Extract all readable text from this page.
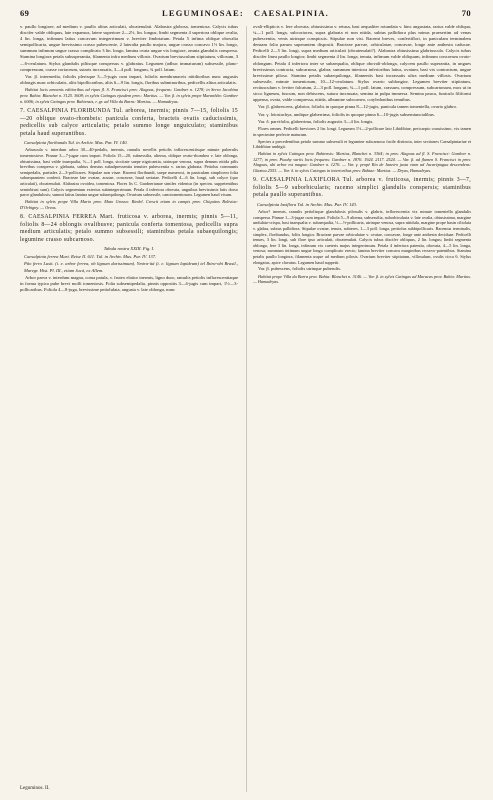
69	LEGUMINOSAE: CAESALPINIA.	70

v. paullo longiore, ad medium v. paullo altius articulati, obcatenulati. Alabastra globosa, tomentosa. Calycis tubus discifer valde obliquus, late expansus, latere superiore 2—2½, lin. longus; limbi segmenta 4 superiora oblique ovalia, 4 lin. longa, infimum latius concavum integerrimum v. breviter fimbriatum. Petala 5 infima oblique obovalia semipollicaria, ungue brevissimo crasso pubescente, 2 lateralia paullo majora, ungue crasso concavo 1½ lin. longo, summum infimum ungue crasso complicato 3 lin. longo, lamina ovata ungue vix longiore, omnia glandulis conspersa. Stamina longiora petala subsuperantia, filamenta infra medium villosis. Ovarium breviusculum stipitatum, villosum, 3—6-ovulatum. Stylus glandulis piliisque conspersus v. glabratus. Legumen (adhuc immaturum) subsessile, plano-compressum, crasse coriaceum, sutaris incrassatis, 3—4 poll. longum, ¾ poll. latum.

Var. β. intermedia, foliolis plerisque 3—5-jugis cum impari, foliolis membranaceis nitidioribus nunc angustis oblongis nunc orbiculatis, aliis bipollicaribus, aliis 6—9 lin. longis, floribus subminoribus, pedicellis altius articulatis.

Habitat locis amoenis editioribus ad ripas fl. S. Francisci prov. Alagoas, frequens: Gardner n. 1278; in Serra Jacobina prov. Bahia: Blanchet n. 3125. 3608; in sylvis Catingas ejusdem prov.: Martius. — Var. β. in sylvis prope Maranhão: Gardner n. 6006; in sylvis Catingas prov. Bahiensis, r. gr. ad Villa da Barra: Martius. — Hamadryas.

7. CAESALPINIA FLORIBUNDA Tul. arborea, inermis; pinnis 7—15, foliolis 15—20 oblique ovato-rhombeis: panicula conferta, bracteis ovatis caducissimis, pedicellis sub calyce articulatis; petalo summo longe unguiculato; staminibus petala haud superantibus.

Caesalpinia floribunda Tul. in Archiv. Mus. Par. IV. 140.

Arbuscula v. interdum arbor 30—40-pedalis, inermis, ramulis novellis petiolis inflorescentiisque minute puberulis tomentosiove. Pinnae 3—7-jugae cum impari. Foliola 15—20, subsessilia, alterna, oblique ovato-rhombea v. late oblonga, obtusissima, basi valde inaequalia, ⅓—1 poll. longa, siccitate saepe nigricantia, utrinque venosa, supra demum nitida pilis brevibus conspersa v. glabrata, subtus densius subadpressentia tenuiter pubescentia v. rarius glabrata. Petiolus communis semipedalis, partiales 2—3-pollicares. Stipulae non visae. Racemi floribundi, saepe numerosi, in paniculam simplicem folia subaequantem conferti. Bracteae late ovatae, acutae, concavae, haud seriatae. Pedicelli 4—6 lin. longi, sub calyce (quo articulati), obcatenulati. Alabastra ovoidea, tomentosa. Flores lis C. Gardnerianae similes videntur (in specim. suppetentibus semiobtusi sunt). Calycis segmentum exterius subintegerrimum. Petala 4 inferiora obovata, unguibus brevissimis latis dorso parce glandulosis; summi latius lamina ungue subaequilonga. Ovarium subsessile, canotomentosum. Legumen haud visum.

Habitat in sylvis prope Villa Mario prov. Mato Grosso: Riedel. Crescit etiam in campis prov. Chiquitos Boliviae: D'Orbigny. — Oreas.

8. CAESALPINIA FERREA Mart. fruticosa v. arborea, inermis; pinnis 5—11, foliolis 8—24 oblongis ovalibusve; panicula conferta tomentosa, pedicellis supra medium articulatis; petalo summo subsessili; staminibus petala subaequilongis; legumine crasso subcarnoso.
Tabula nostra XXIII. Fig. I.

Caesalpinia ferrea Mart. Reise II. 611. Tul. in Archiv. Mus. Par. IV. 137.

Pâo ferro Lusit. (i. e. arbor ferrea, ob lignum durissimum). Ymira-itá (i. e. lignum lapideum) tel Ibira-obi Brasil., Maregr. Hist. Pl. III., etiam Jucá, ex Allem.

Arbor parva v. interdum magna, coma patula, v. frutex elatior inermis, ligno duro, ramulis petiolis inflorescentiaque in forma typica pube brevi molli tomentosis. Folia subsemipedalia, pinnis oppositis 3—4-jugis cum impari, 1½—3-pollicaribus. Foliola 4—8-juga, brevissime petiolulata, angusta v. late oblonga, nunc

ovali-ellipticis v. fere obovata, obtusissima v. retusa, basi aequaliter rotundata v. hinc angustata, rarius valde obliqua, ¼—1 poll. longa, subcoriacea, supra glabrata et non nitida, subtus pallidiora plus minus praesertim ad venas pubescentia, venis utrinque conspicuis. Stipulae non visi. Racemi breves, confertiflori, in paniculam terminalem densam folia parum superantem dispositi. Bracteae parvae, orbiculatae, concavae, longe ante anthesin caducae. Pedicelli 2—5 lin. longi, supra medium articulati (obcatenulati?). Alabastra obtusissima glabriuscula. Calycis tubus discifer linea paullo longior; limbi segmenta 4 lin. longa, tenuia, infimum valde obliquum, infimum concavum ovato-oblongum. Petala 4 inferiora inter se subaequalia, oblique obovali-oblonga, calycem paullo superantia, in ungues brevissimos contracta, subcarnosa, glabra; summum interiora inferioribus latius, ovatum, basi vix contractum, ungue brevissime piloso. Stamina petalis subaequilonga, filamentis basi incrassatis ultra medium villosis. Ovarium subsessile, minute tomentosum, 10—12-ovulatum. Stylus ovario sublongior. Legumen breviter stipitatum, rectiusculum v. leviter falcatum, 2—3 poll. longum, ¾—1 poll. latum, crassum, compressum, subcarnosum, mox ut in sicco ligneum, fuscum, non dehiscens, sutura incrassata, semina in pulpa immersa. Semina pauca, funiculo filiformi appensa, ovata, valde compressa, nitida, albumine subcorneo, cotyledonibus tenuibus.

Var. β. glabrescens, glabrior, foliolis in quoque pinna 8—12-jugis, panicula tamen tomentella, ovario glabro.

Var. γ. leiostachya, undique glaberrima, foliolis in quoque pinna 6—10-jugis subsemiuncialibus.

Var. δ. parvifolia, glaberrima, foliolis augustis 3—4 lin. longis.

Flores omnes. Pedicelli breviores 2 lin. longi. Legumen 1½—2-pollicare lato Libidibiae, pericarpio crassissimo, vix tamen in specimine perfecte maturum.

Species a precedentibus petalo summo subsessili et legumine subcarnoso facile distincta, inter sectiones Caesalpiniariae et Libidibiae ambigit.

Habitat in sylvis Catingas prov. Bahiensis: Martius, Blanchet n. 3364; in prov. Alagoas ad fl. S. Francisci: Gardner n. 1277; in prov. Piauhy variis locis frequens: Gardner n. 1876. 1924. 2117. 2524. — Var. β. ad flumen S. Francisci in prov. Alagoas, ubi arbor est magna: Gardner n. 1276. — Var. γ. propè Rio de Janeiro juxta viam ad Jacarèpagua descendens: Glaziou 2553. — Var. δ. in sylvis Catingas in interioribus prov. Bahiae: Martius. — Dryas, Hamadryas.

9. CAESALPINIA LAXIFLORA Tul. arborea v. fruticosa, inermis; pinnis 3—7, foliolis 5—9 suborbicularis; racemo simplici glandulis conspersis; staminibus petala paullo superantibus.

Caesalpinia laxiflora Tul. in Archiv. Mus. Par. IV. 143.

Arbor? inermis, ramulis petiolisque glandulosis pilosulis v. glabris, inflorescentia vix minute tomentella glandulis conspersa. Pinnae 1—3-jugae cum impari. Foliola 5—9 alterna, subsessilia, suborbicularia v. late ovalia, obtusissima, margine undulato-crispa, basi inaequalia v. subaequalia, ⅓—½-pollicaria, utrinque venosa, supra nitidula, margine prope basin ciliolata v. glabra, subtus pallidiora. Stipulae ovatae, tenuis, subteres, 1—3 poll. longa, pertiolus subbipollicaris. Racemus terminalis, simplex, floribundus, foliis longior. Bracteae parvae orbiculatae v. ovatae, concavae, longe ante anthesin deciduae. Pedicelli tenues, 3 lin. longi, sub flore ipso articulati, obcatenulati. Calycis tubus discifer obliquus, 2 lin. longus; limbi segmenta oblonga, fere 3 lin. longa, infimum vix caeteris majus integerrimum. Petala 4 inferiora patentia, obovata, 4—5 lin. longa, venosa; summum intimum ungue longo complicato erecto, lamina breviter concava marginibus recurvo-patentibus. Stamina petalis paullo longiora, filamenta usque ad medium pilosis. Ovarium breviter stipitatum, villosulum, ovulis circa 6. Stylus elongatus, apice clavatus. Legumen haud suppetit.

Var. β. pubescens, foliolis utrinque puberulis.

Habitat prope Villa da Barra prov. Bahia: Blanchet n. 3146. — Var. β. in sylvis Catingas ad Maracas prov. Bahia: Martius. — Hamadryas.

Leguminos. II.
